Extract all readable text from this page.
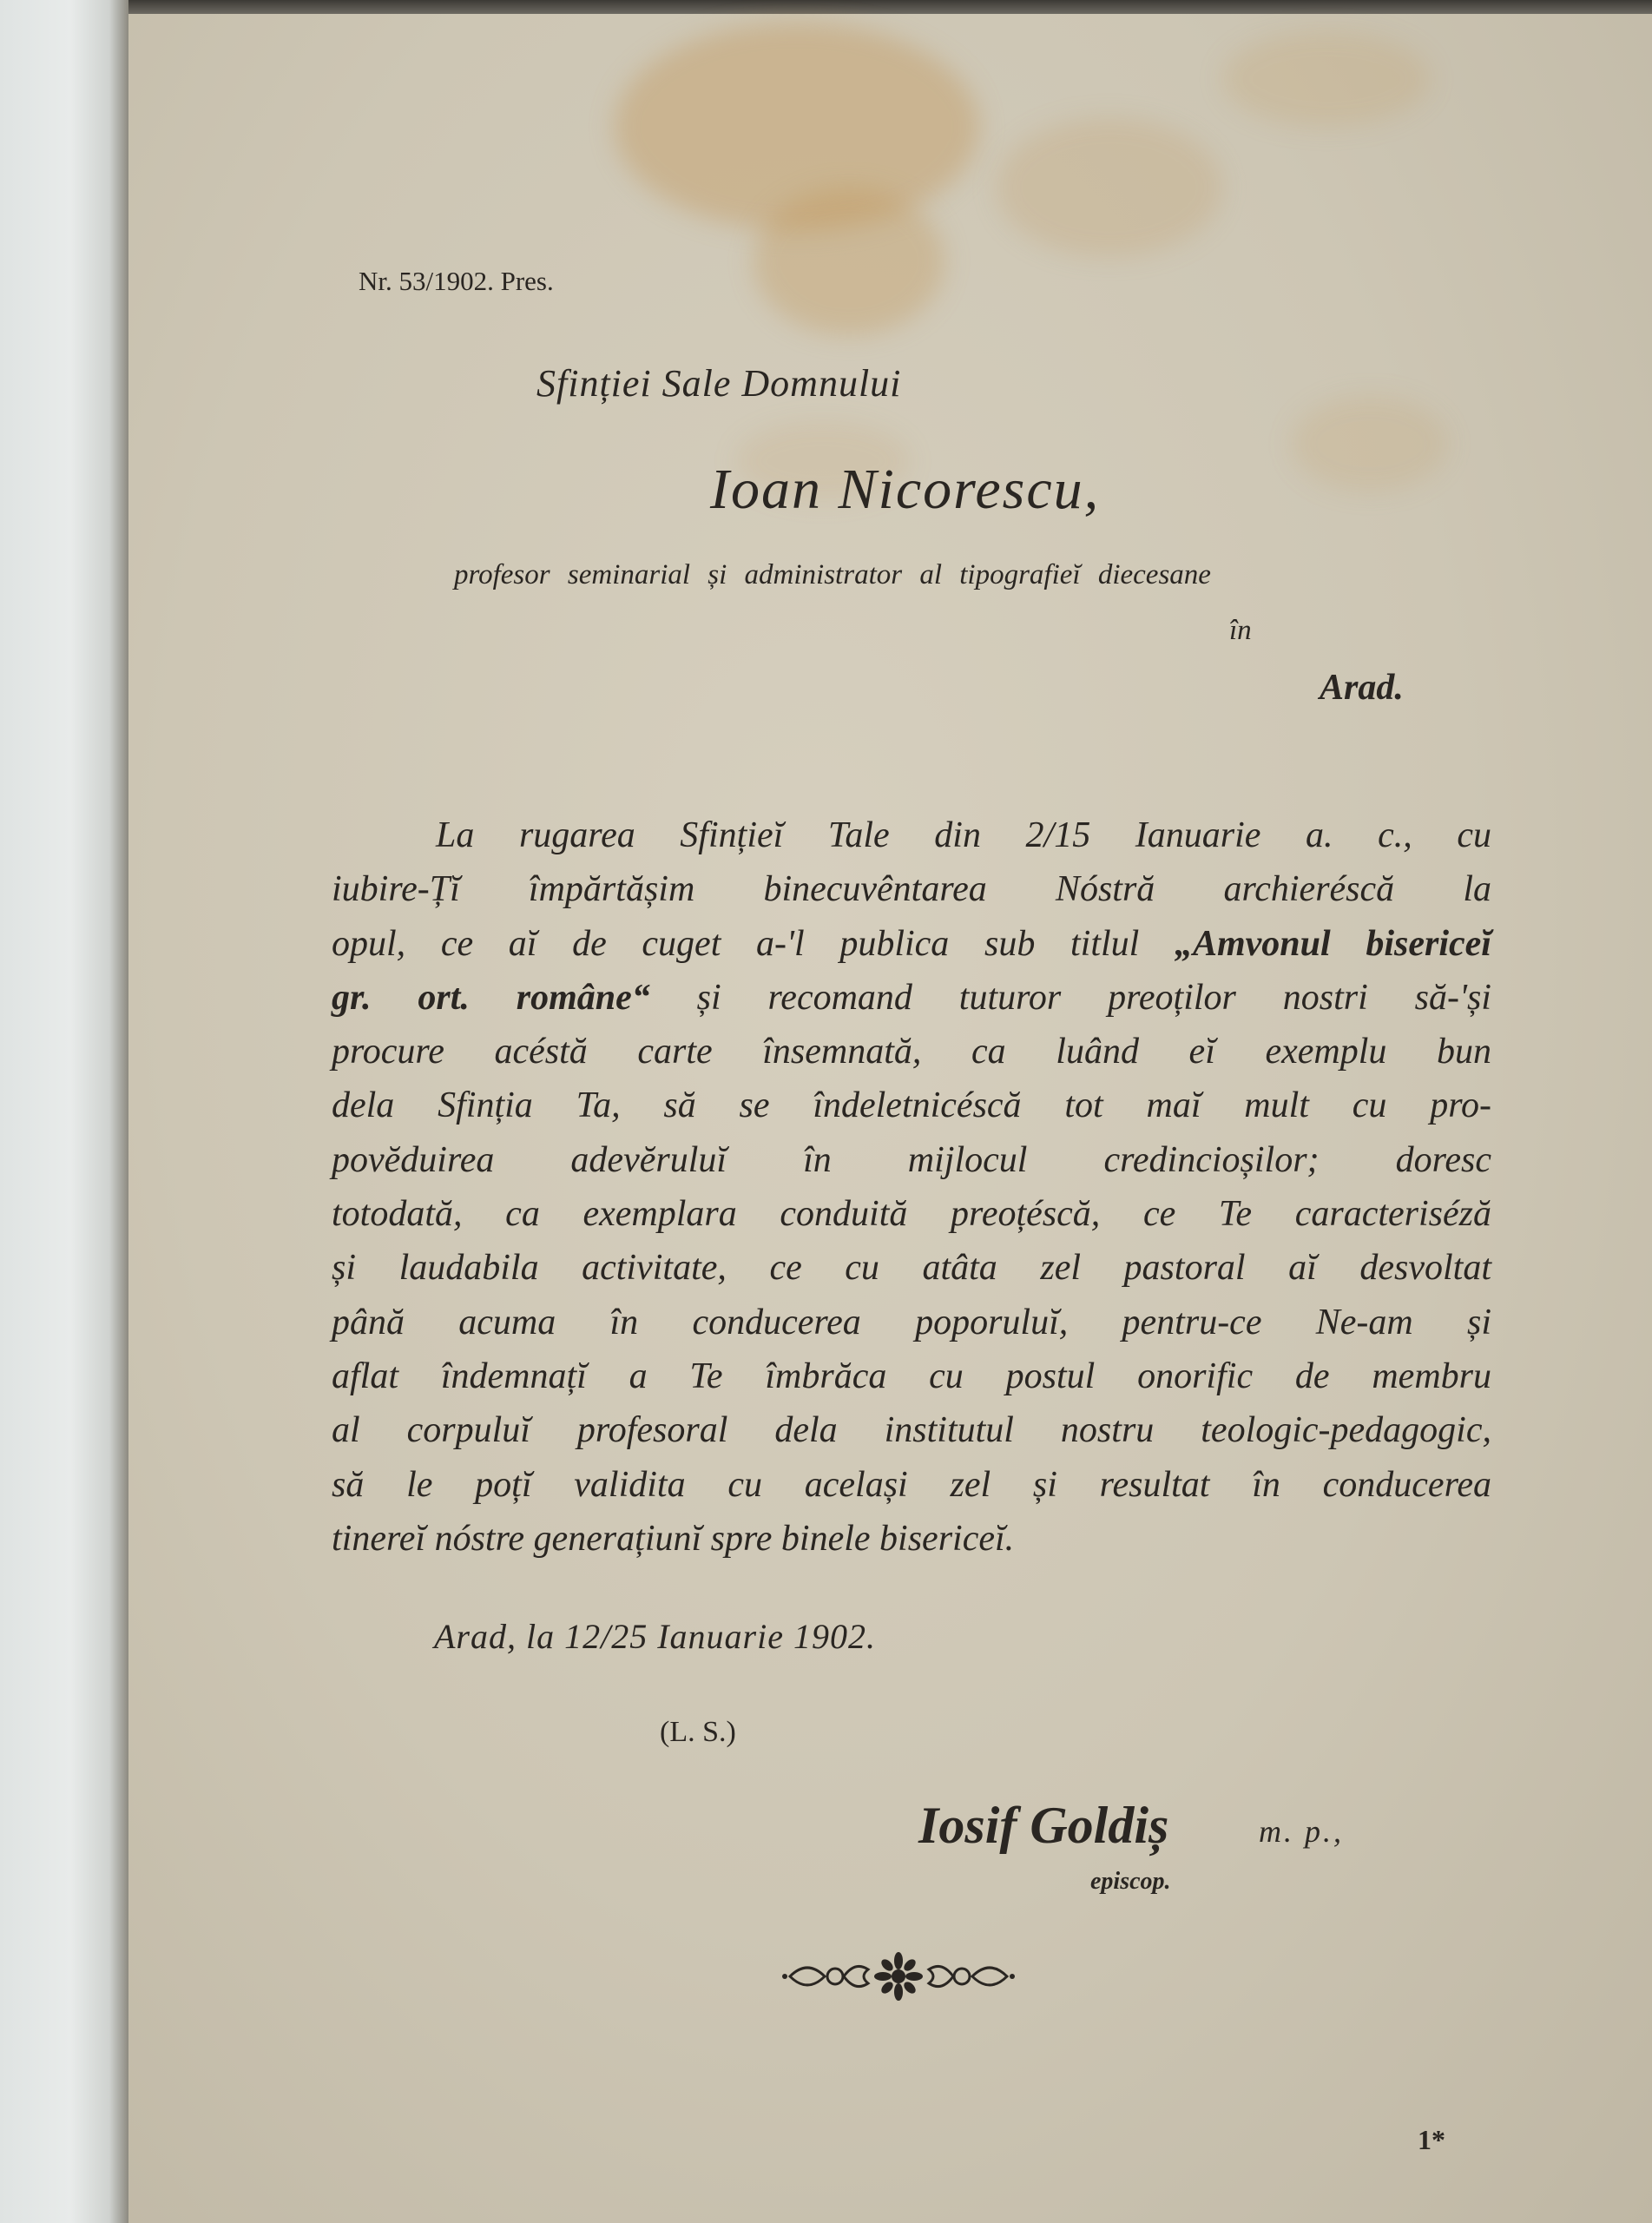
Nr. 53/1902. Pres.
Sfinției Sale Domnului
Ioan Nicorescu,
profesor seminarial și administrator al tipografieĭ diecesane
în
Arad.
La rugarea Sfințieĭ Tale din 2/15 Ianuarie a. c., cu
iubire-Țĭ împărtășim binecuvêntarea Nóstră archieréscă la
opul, ce aĭ de cuget a-'l publica sub titlul „Amvonul bisericeĭ
gr. ort. române“ și recomand tuturor preoților nostri să-'și
procure acéstă carte însemnată, ca luând eĭ exemplu bun
dela Sfinția Ta, să se îndeletnicéscă tot maĭ mult cu pro-
povĕduirea adevĕruluĭ în mijlocul credincioșilor; doresc
totodată, ca exemplara conduită preoțéscă, ce Te caracteriséză
și laudabila activitate, ce cu atâta zel pastoral aĭ desvoltat
până acuma în conducerea poporuluĭ, pentru-ce Ne-am și
aflat îndemnațĭ a Te îmbrăca cu postul onorific de membru
al corpuluĭ profesoral dela institutul nostru teologic-pedagogic,
să le poțĭ validita cu același zel și resultat în conducerea
tinereĭ nóstre generațiunĭ spre binele bisericeĭ.
Arad, la 12/25 Ianuarie 1902.
(L. S.)
Iosif Goldiș	m. p.,
episcop.
1*
